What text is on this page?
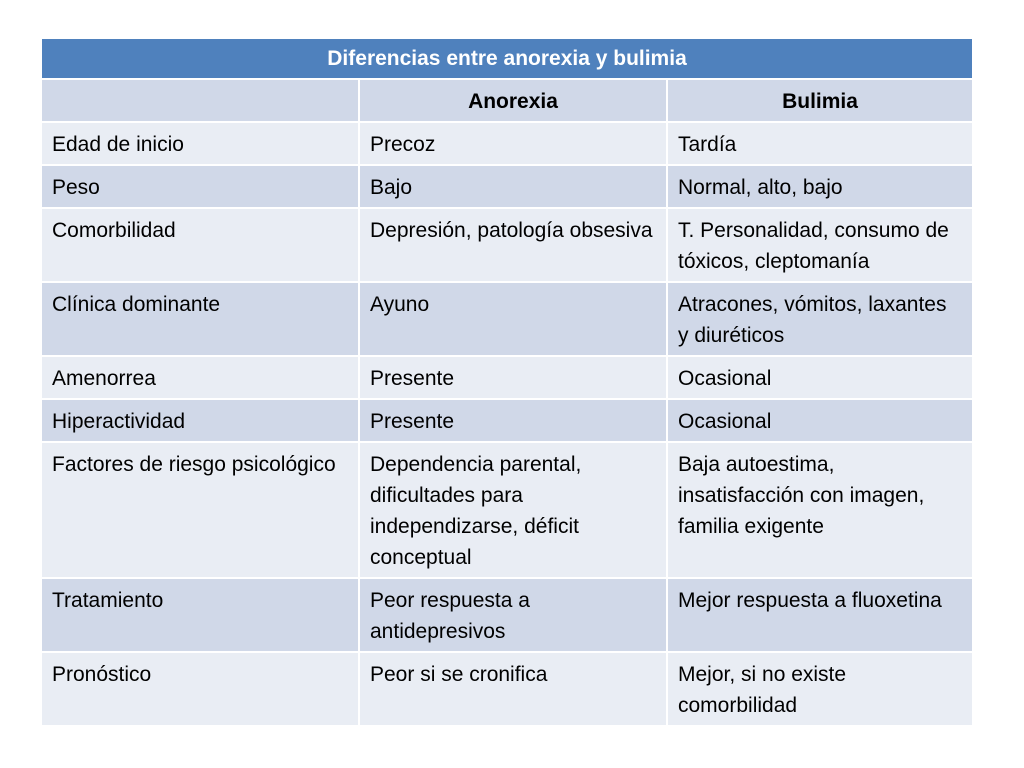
Diferencias entre anorexia y bulimia		
	Anorexia	Bulimia
Edad de inicio	Precoz	Tardía
Peso	Bajo	Normal, alto, bajo
Comorbilidad	Depresión, patología obsesiva	T. Personalidad, consumo de tóxicos, cleptomanía
Clínica dominante	Ayuno	Atracones, vómitos, laxantes y diuréticos
Amenorrea	Presente	Ocasional
Hiperactividad	Presente	Ocasional
Factores de riesgo psicológico	Dependencia parental, dificultades para independizarse, déficit conceptual	Baja autoestima, insatisfacción con imagen, familia exigente
Tratamiento	Peor respuesta a antidepresivos	Mejor respuesta a fluoxetina
Pronóstico	Peor si se cronifica	Mejor, si no existe comorbilidad
